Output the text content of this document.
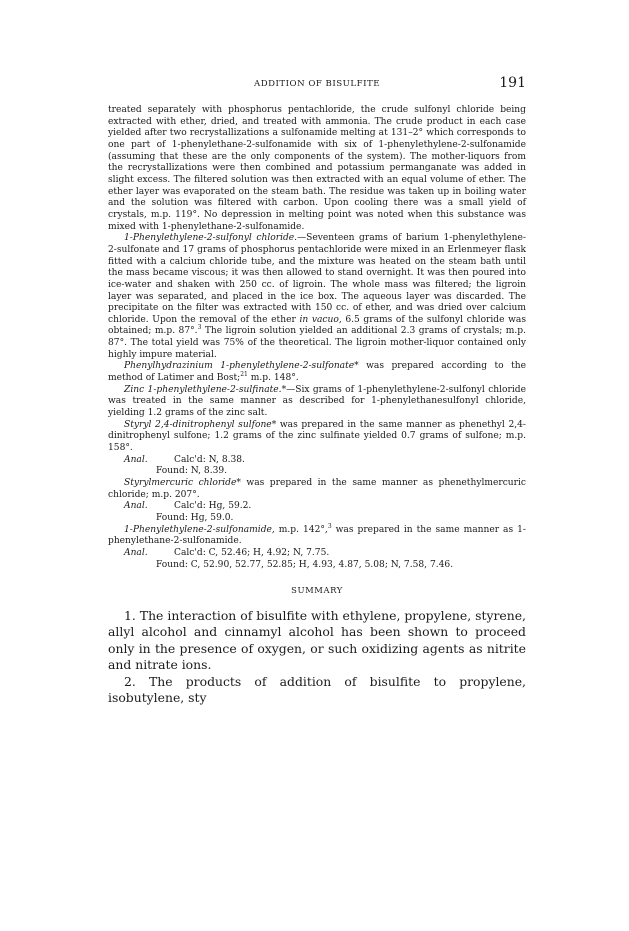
ADDITION OF BISULFITE	191

treated separately with phosphorus pentachloride, the crude sulfonyl chloride being extracted with ether, dried, and treated with ammonia. The crude product in each case yielded after two recrystallizations a sulfonamide melting at 131–2° which corresponds to one part of 1-phenylethane-2-sulfonamide with six of 1-phenylethylene-2-sulfonamide (assuming that these are the only components of the system). The mother-liquors from the recrystallizations were then combined and potassium permanganate was added in slight excess. The filtered solution was then extracted with an equal volume of ether. The ether layer was evaporated on the steam bath. The residue was taken up in boiling water and the solution was filtered with carbon. Upon cooling there was a small yield of crystals, m.p. 119°. No depression in melting point was noted when this substance was mixed with 1-phenylethane-2-sulfonamide.

1-Phenylethylene-2-sulfonyl chloride.—Seventeen grams of barium 1-phenylethylene-2-sulfonate and 17 grams of phosphorus pentachloride were mixed in an Erlenmeyer flask fitted with a calcium chloride tube, and the mixture was heated on the steam bath until the mass became viscous; it was then allowed to stand overnight. It was then poured into ice-water and shaken with 250 cc. of ligroin. The whole mass was filtered; the ligroin layer was separated, and placed in the ice box. The aqueous layer was discarded. The precipitate on the filter was extracted with 150 cc. of ether, and was dried over calcium chloride. Upon the removal of the ether in vacuo, 6.5 grams of the sulfonyl chloride was obtained; m.p. 87°.$^3$ The ligroin solution yielded an additional 2.3 grams of crystals; m.p. 87°. The total yield was 75% of the theoretical. The ligroin mother-liquor contained only highly impure material.

Phenylhydrazinium 1-phenylethylene-2-sulfonate* was prepared according to the method of Latimer and Bost;$^{21}$ m.p. 148°.

Zinc 1-phenylethylene-2-sulfinate.*—Six grams of 1-phenylethylene-2-sulfonyl chloride was treated in the same manner as described for 1-phenylethanesulfonyl chloride, yielding 1.2 grams of the zinc salt.

Styryl 2,4-dinitrophenyl sulfone* was prepared in the same manner as phenethyl 2,4-dinitrophenyl sulfone; 1.2 grams of the zinc sulfinate yielded 0.7 grams of sulfone; m.p. 158°.

Anal.	Calc'd: N, 8.38.

Found: N, 8.39.

Styrylmercuric chloride* was prepared in the same manner as phenethylmercuric chloride; m.p. 207°.

Anal.	Calc'd: Hg, 59.2.

Found: Hg, 59.0.

1-Phenylethylene-2-sulfonamide, m.p. 142°,$^3$ was prepared in the same manner as 1-phenylethane-2-sulfonamide.

Anal.	Calc'd: C, 52.46; H, 4.92; N, 7.75.

Found: C, 52.90, 52.77, 52.85; H, 4.93, 4.87, 5.08; N, 7.58, 7.46.

SUMMARY

1. The interaction of bisulfite with ethylene, propylene, styrene, allyl alcohol and cinnamyl alcohol has been shown to proceed only in the presence of oxygen, or such oxidizing agents as nitrite and nitrate ions.

2. The products of addition of bisulfite to propylene, isobutylene, sty
